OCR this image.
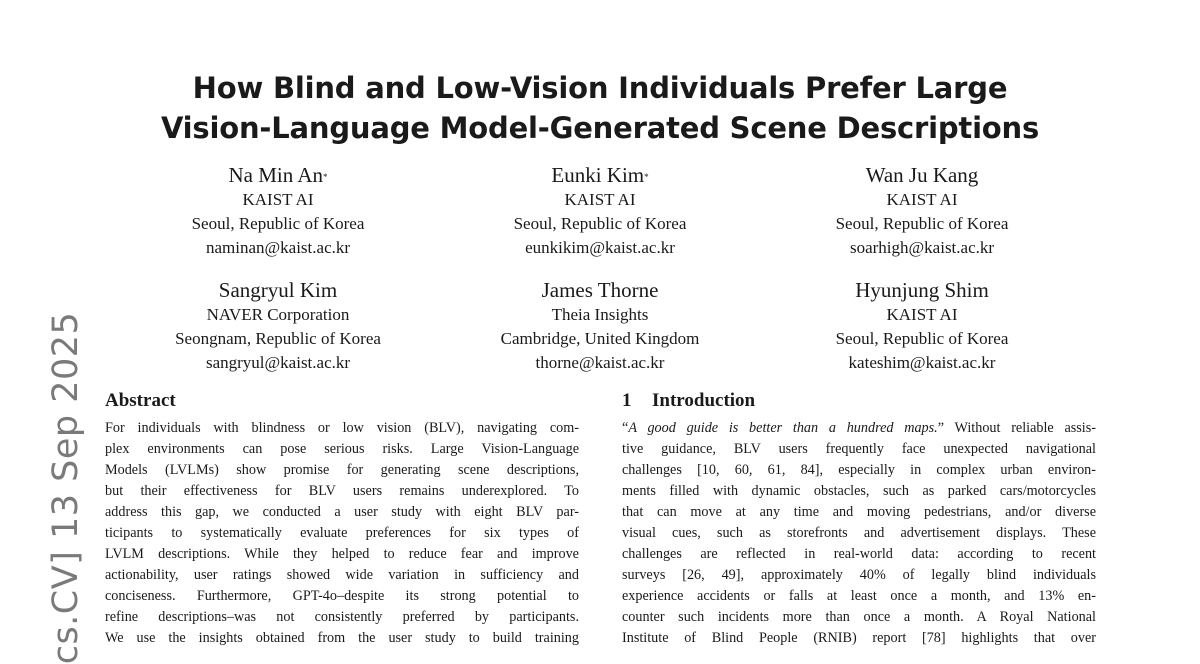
cs.CV] 13 Sep 2025
How Blind and Low-Vision Individuals Prefer Large
Vision-Language Model-Generated Scene Descriptions
Na Min An*
KAIST AI
Seoul, Republic of Korea
naminan@kaist.ac.kr
Eunki Kim*
KAIST AI
Seoul, Republic of Korea
eunkikim@kaist.ac.kr
Wan Ju Kang
KAIST AI
Seoul, Republic of Korea
soarhigh@kaist.ac.kr
Sangryul Kim
NAVER Corporation
Seongnam, Republic of Korea
sangryul@kaist.ac.kr
James Thorne
Theia Insights
Cambridge, United Kingdom
thorne@kaist.ac.kr
Hyunjung Shim
KAIST AI
Seoul, Republic of Korea
kateshim@kaist.ac.kr
Abstract
For individuals with blindness or low vision (BLV), navigating com-
plex environments can pose serious risks. Large Vision-Language
Models (LVLMs) show promise for generating scene descriptions,
but their effectiveness for BLV users remains underexplored. To
address this gap, we conducted a user study with eight BLV par-
ticipants to systematically evaluate preferences for six types of
LVLM descriptions. While they helped to reduce fear and improve
actionability, user ratings showed wide variation in sufficiency and
conciseness. Furthermore, GPT-4o–despite its strong potential to
refine descriptions–was not consistently preferred by participants.
We use the insights obtained from the user study to build training
1 Introduction
“A good guide is better than a hundred maps.” Without reliable assis-
tive guidance, BLV users frequently face unexpected navigational
challenges [10, 60, 61, 84], especially in complex urban environ-
ments filled with dynamic obstacles, such as parked cars/motorcycles
that can move at any time and moving pedestrians, and/or diverse
visual cues, such as storefronts and advertisement displays. These
challenges are reflected in real-world data: according to recent
surveys [26, 49], approximately 40% of legally blind individuals
experience accidents or falls at least once a month, and 13% en-
counter such incidents more than once a month. A Royal National
Institute of Blind People (RNIB) report [78] highlights that over
